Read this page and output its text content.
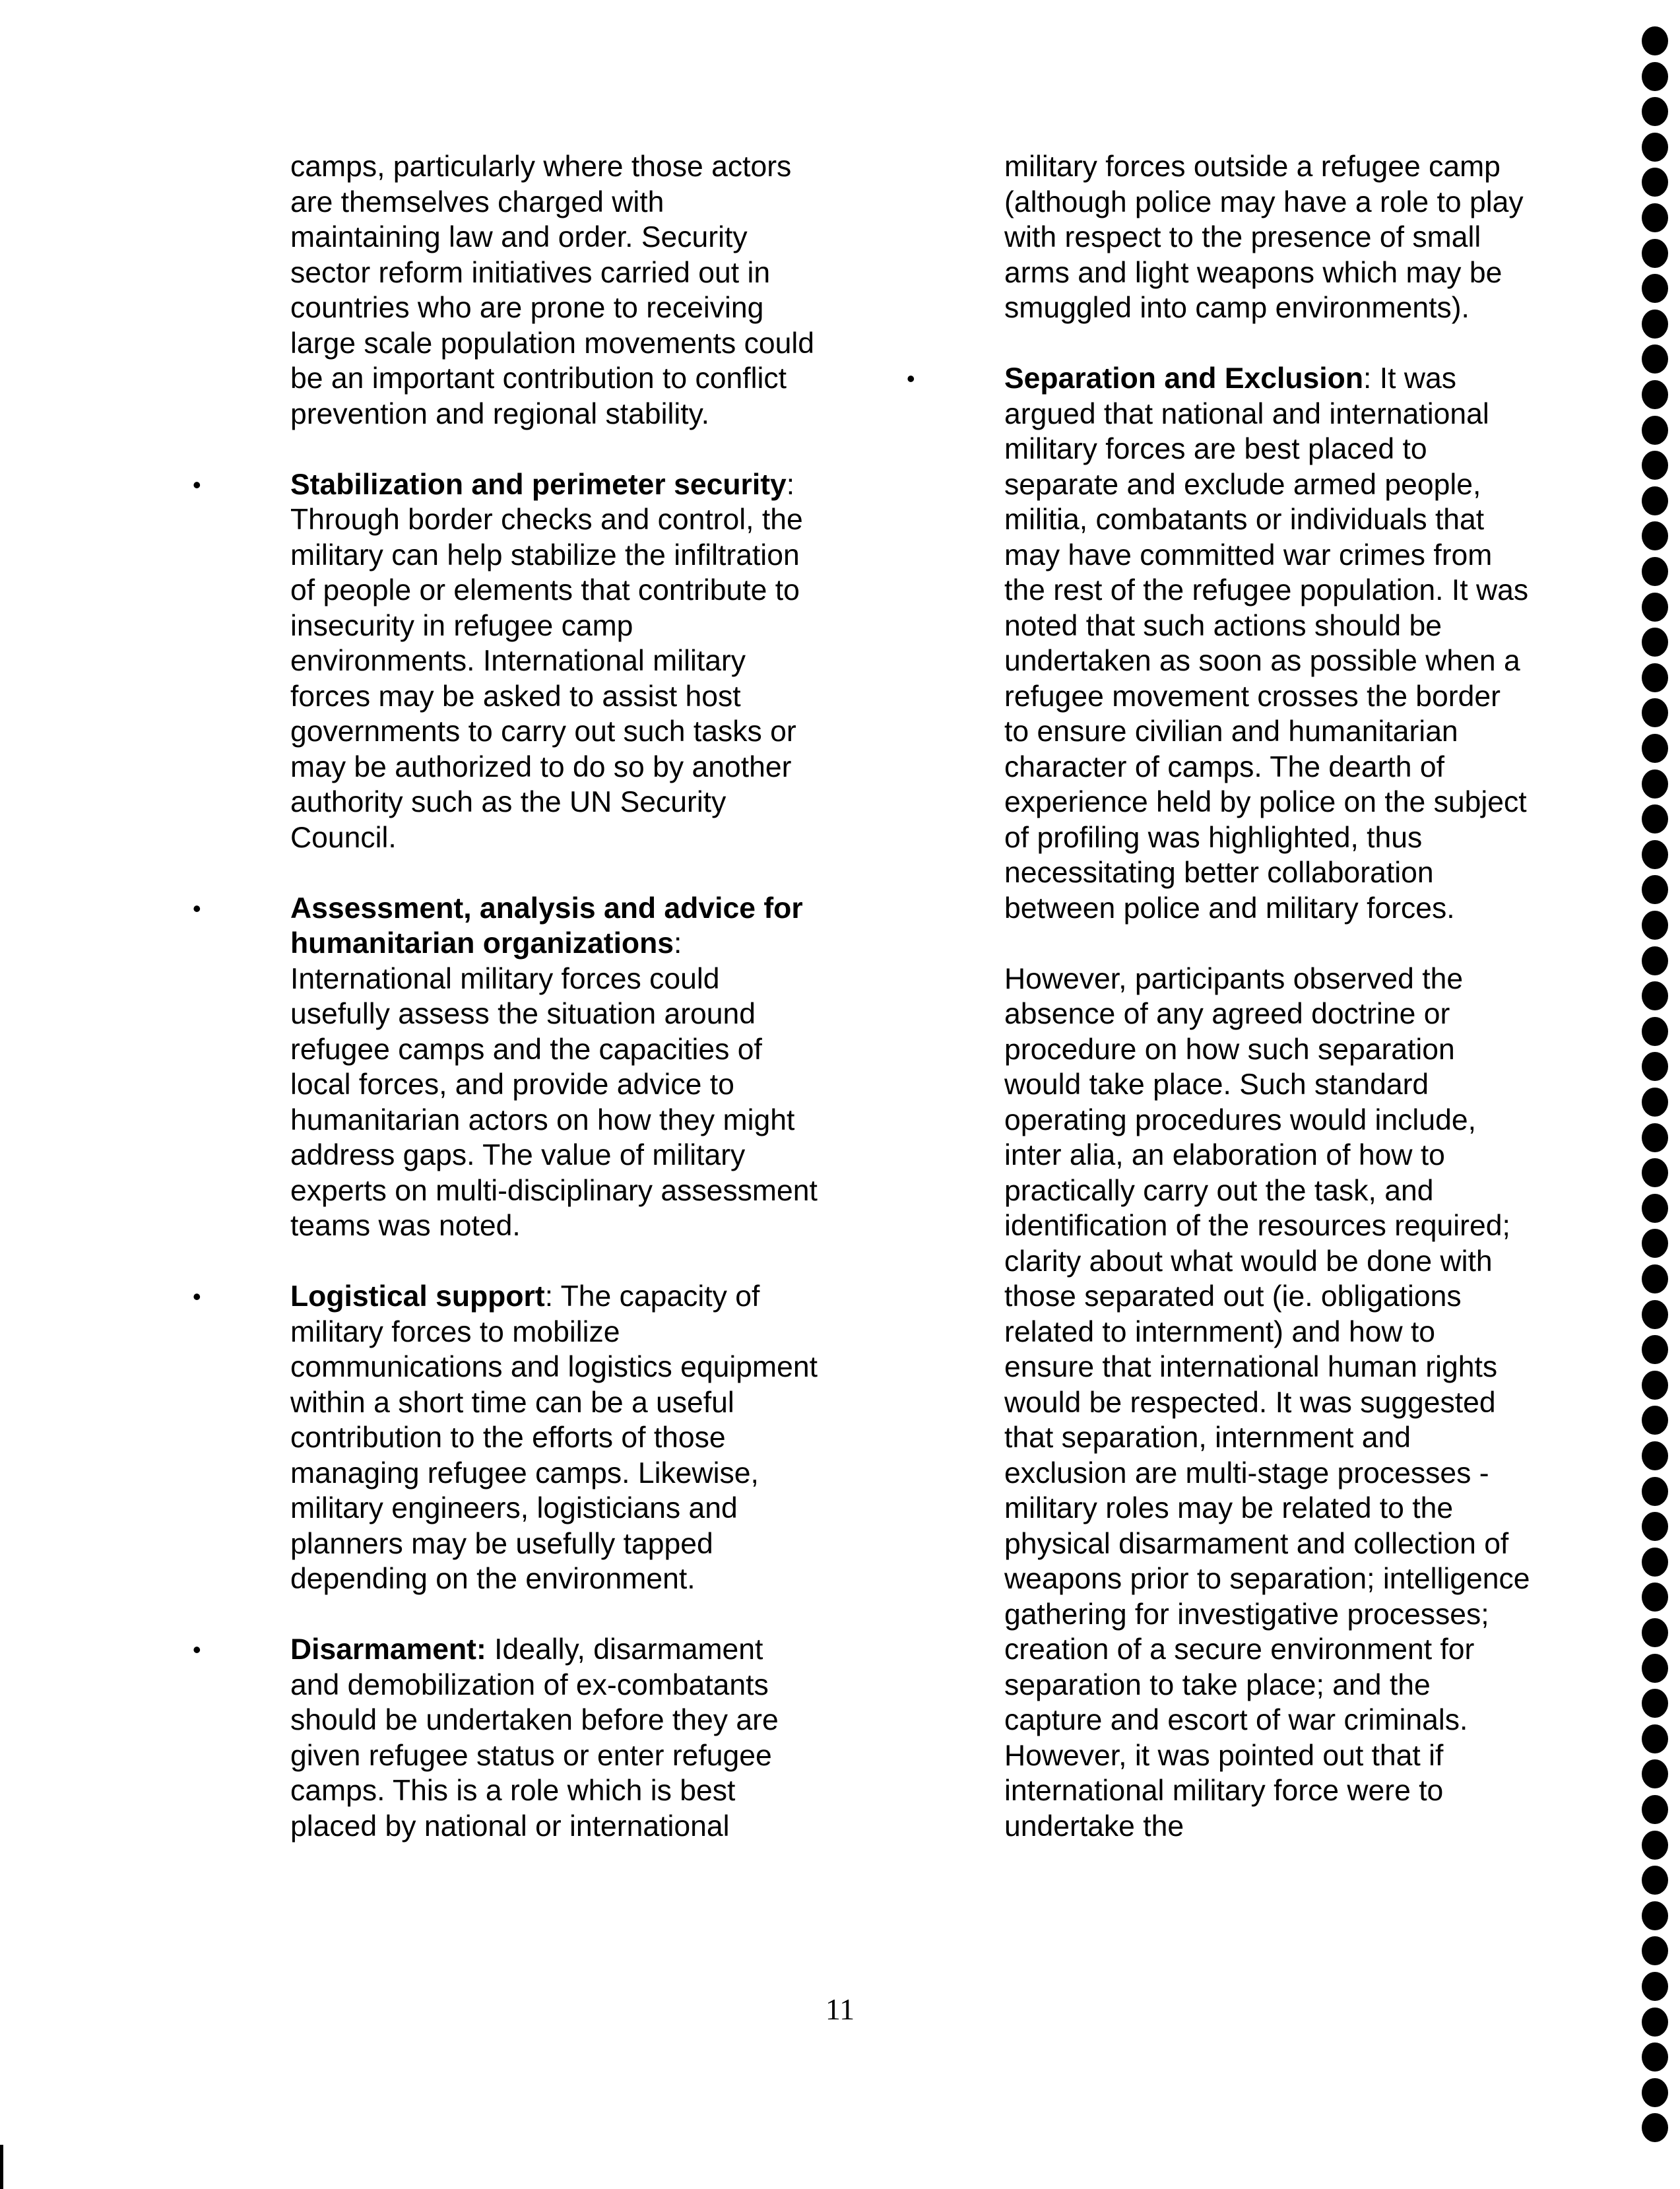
camps, particularly where those actors are themselves charged with maintaining law and order. Security sector reform initiatives carried out in countries who are prone to receiving large scale population movements could be an important contribution to conflict prevention and regional stability.

•	Stabilization and perimeter security: Through border checks and control, the military can help stabilize the infiltration of people or elements that contribute to insecurity in refugee camp environments. International military forces may be asked to assist host governments to carry out such tasks or may be authorized to do so by another authority such as the UN Security Council.
•	Assessment, analysis and advice for humanitarian organizations: International military forces could usefully assess the situation around refugee camps and the capacities of local forces, and provide advice to humanitarian actors on how they might address gaps. The value of military experts on multi-disciplinary assessment teams was noted.
•	Logistical support: The capacity of military forces to mobilize communications and logistics equipment within a short time can be a useful contribution to the efforts of those managing refugee camps. Likewise, military engineers, logisticians and planners may be usefully tapped depending on the environment.
•	Disarmament: Ideally, disarmament and demobilization of ex-combatants should be undertaken before they are given refugee status or enter refugee camps. This is a role which is best placed by national or international

military forces outside a refugee camp (although police may have a role to play with respect to the presence of small arms and light weapons which may be smuggled into camp environments).

•	Separation and Exclusion: It was argued that national and international military forces are best placed to separate and exclude armed people, militia, combatants or individuals that may have committed war crimes from the rest of the refugee population. It was noted that such actions should be undertaken as soon as possible when a refugee movement crosses the border to ensure civilian and humanitarian character of camps. The dearth of experience held by police on the subject of profiling was highlighted, thus necessitating better collaboration between police and military forces.

However, participants observed the absence of any agreed doctrine or procedure on how such separation would take place. Such standard operating procedures would include, inter alia, an elaboration of how to practically carry out the task, and identification of the resources required; clarity about what would be done with those separated out (ie. obligations related to internment) and how to ensure that international human rights would be respected. It was suggested that separation, internment and exclusion are multi-stage processes - military roles may be related to the physical disarmament and collection of weapons prior to separation; intelligence gathering for investigative processes; creation of a secure environment for separation to take place; and the capture and escort of war criminals. However, it was pointed out that if international military force were to undertake the

11
